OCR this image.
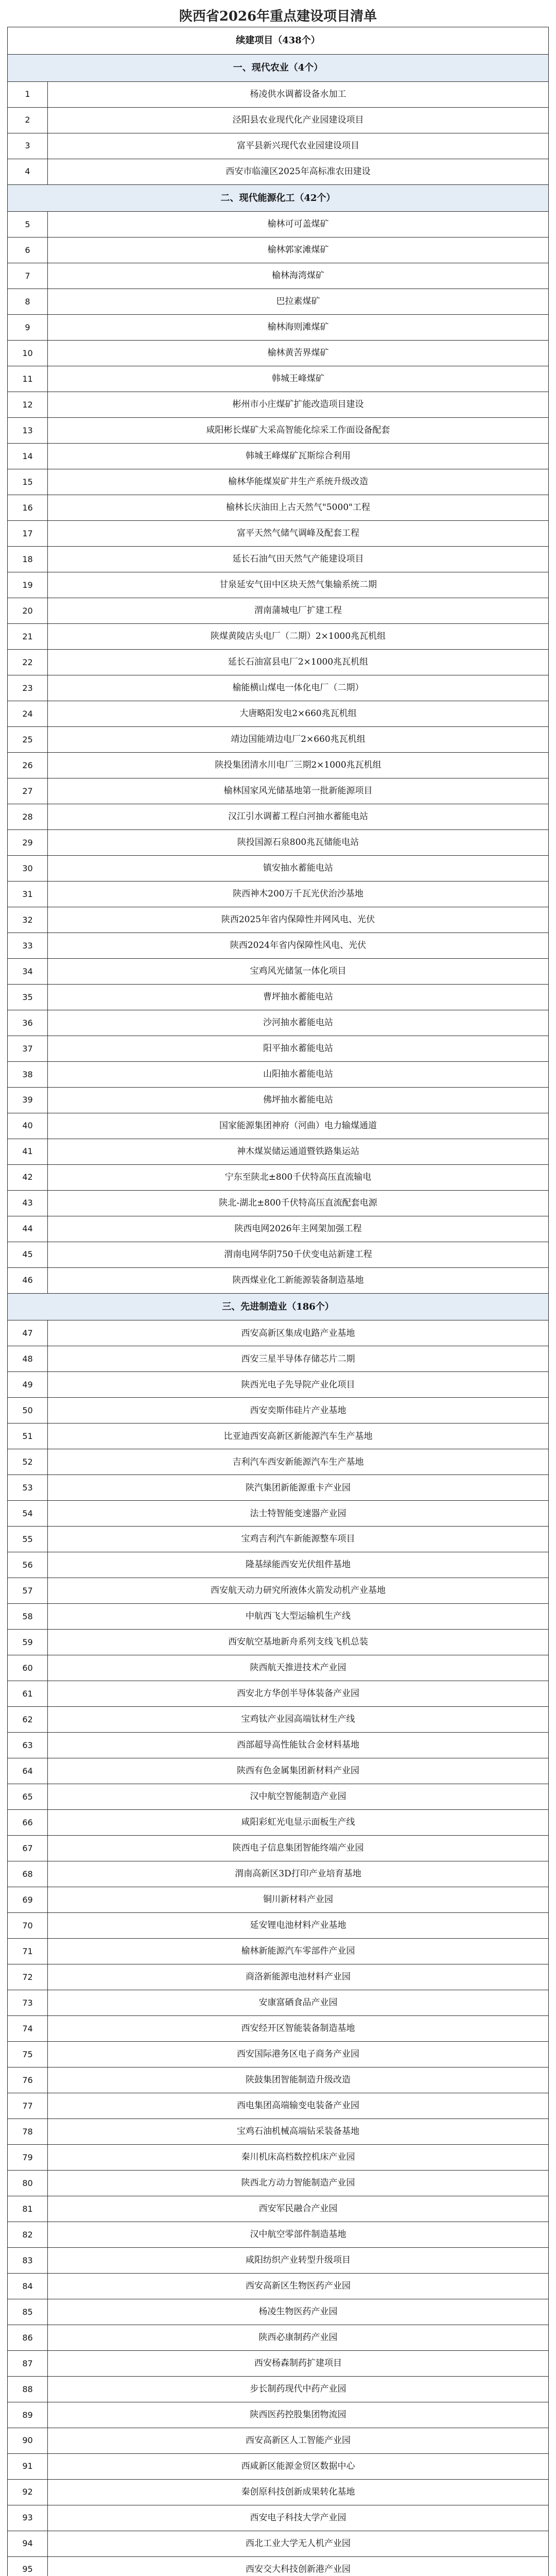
陕西省2026年重点建设项目清单
续建项目（438个）	
一、现代农业（4个）	
1	杨凌供水调蓄设备水加工
2	泾阳县农业现代化产业园建设项目
3	富平县新兴现代农业园建设项目
4	西安市临潼区2025年高标准农田建设
二、现代能源化工（42个）	
5	榆林可可盖煤矿
6	榆林郭家滩煤矿
7	榆林海湾煤矿
8	巴拉素煤矿
9	榆林海则滩煤矿
10	榆林黄苦界煤矿
11	韩城王峰煤矿
12	彬州市小庄煤矿扩能改造项目建设
13	咸阳彬长煤矿大采高智能化综采工作面设备配套
14	韩城王峰煤矿瓦斯综合利用
15	榆林华能煤炭矿井生产系统升级改造
16	榆林长庆油田上古天然气"5000"工程
17	富平天然气储气调峰及配套工程
18	延长石油气田天然气产能建设项目
19	甘泉延安气田中区块天然气集输系统二期
20	渭南蒲城电厂扩建工程
21	陕煤黄陵店头电厂（二期）2×1000兆瓦机组
22	延长石油富县电厂2×1000兆瓦机组
23	榆能横山煤电一体化电厂（二期）
24	大唐略阳发电2×660兆瓦机组
25	靖边国能靖边电厂2×660兆瓦机组
26	陕投集团清水川电厂三期2×1000兆瓦机组
27	榆林国家风光储基地第一批新能源项目
28	汉江引水调蓄工程白河抽水蓄能电站
29	陕投国源石泉800兆瓦储能电站
30	镇安抽水蓄能电站
31	陕西神木200万千瓦光伏治沙基地
32	陕西2025年省内保障性并网风电、光伏
33	陕西2024年省内保障性风电、光伏
34	宝鸡风光储氢一体化项目
35	曹坪抽水蓄能电站
36	沙河抽水蓄能电站
37	阳平抽水蓄能电站
38	山阳抽水蓄能电站
39	佛坪抽水蓄能电站
40	国家能源集团神府（河曲）电力输煤通道
41	神木煤炭储运通道暨铁路集运站
42	宁东至陕北±800千伏特高压直流输电
43	陕北-湖北±800千伏特高压直流配套电源
44	陕西电网2026年主网架加强工程
45	渭南电网华阴750千伏变电站新建工程
46	陕西煤业化工新能源装备制造基地
三、先进制造业（186个）	
47	西安高新区集成电路产业基地
48	西安三星半导体存储芯片二期
49	陕西光电子先导院产业化项目
50	西安奕斯伟硅片产业基地
51	比亚迪西安高新区新能源汽车生产基地
52	吉利汽车西安新能源汽车生产基地
53	陕汽集团新能源重卡产业园
54	法士特智能变速器产业园
55	宝鸡吉利汽车新能源整车项目
56	隆基绿能西安光伏组件基地
57	西安航天动力研究所液体火箭发动机产业基地
58	中航西飞大型运输机生产线
59	西安航空基地新舟系列支线飞机总装
60	陕西航天推进技术产业园
61	西安北方华创半导体装备产业园
62	宝鸡钛产业园高端钛材生产线
63	西部超导高性能钛合金材料基地
64	陕西有色金属集团新材料产业园
65	汉中航空智能制造产业园
66	咸阳彩虹光电显示面板生产线
67	陕西电子信息集团智能终端产业园
68	渭南高新区3D打印产业培育基地
69	铜川新材料产业园
70	延安锂电池材料产业基地
71	榆林新能源汽车零部件产业园
72	商洛新能源电池材料产业园
73	安康富硒食品产业园
74	西安经开区智能装备制造基地
75	西安国际港务区电子商务产业园
76	陕鼓集团智能制造升级改造
77	西电集团高端输变电装备产业园
78	宝鸡石油机械高端钻采装备基地
79	秦川机床高档数控机床产业园
80	陕西北方动力智能制造产业园
81	西安军民融合产业园
82	汉中航空零部件制造基地
83	咸阳纺织产业转型升级项目
84	西安高新区生物医药产业园
85	杨凌生物医药产业园
86	陕西必康制药产业园
87	西安杨森制药扩建项目
88	步长制药现代中药产业园
89	陕西医药控股集团物流园
90	西安高新区人工智能产业园
91	西咸新区能源金贸区数据中心
92	秦创原科技创新成果转化基地
93	西安电子科技大学产业园
94	西北工业大学无人机产业园
95	西安交大科技创新港产业园
